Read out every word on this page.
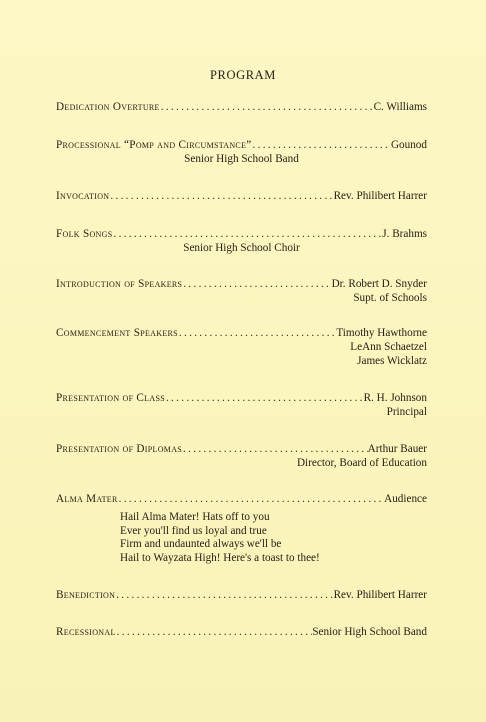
PROGRAM
Dedication Overture .....	C. Williams
Processional “Pomp and Circumstance” .....	Gounod
Senior High School Band
Invocation .....	Rev. Philibert Harrer
Folk Songs .....	J. Brahms
Senior High School Choir
Introduction of Speakers .....	Dr. Robert D. Snyder
Supt. of Schools
Commencement Speakers .....	Timothy Hawthorne
LeAnn Schaetzel
James Wicklatz
Presentation of Class .....	R. H. Johnson
Principal
Presentation of Diplomas .....	Arthur Bauer
Director, Board of Education
Alma Mater .....	Audience
Hail Alma Mater! Hats off to you
Ever you'll find us loyal and true
Firm and undaunted always we'll be
Hail to Wayzata High! Here's a toast to thee!
Benediction .....	Rev. Philibert Harrer
Recessional .....	Senior High School Band
